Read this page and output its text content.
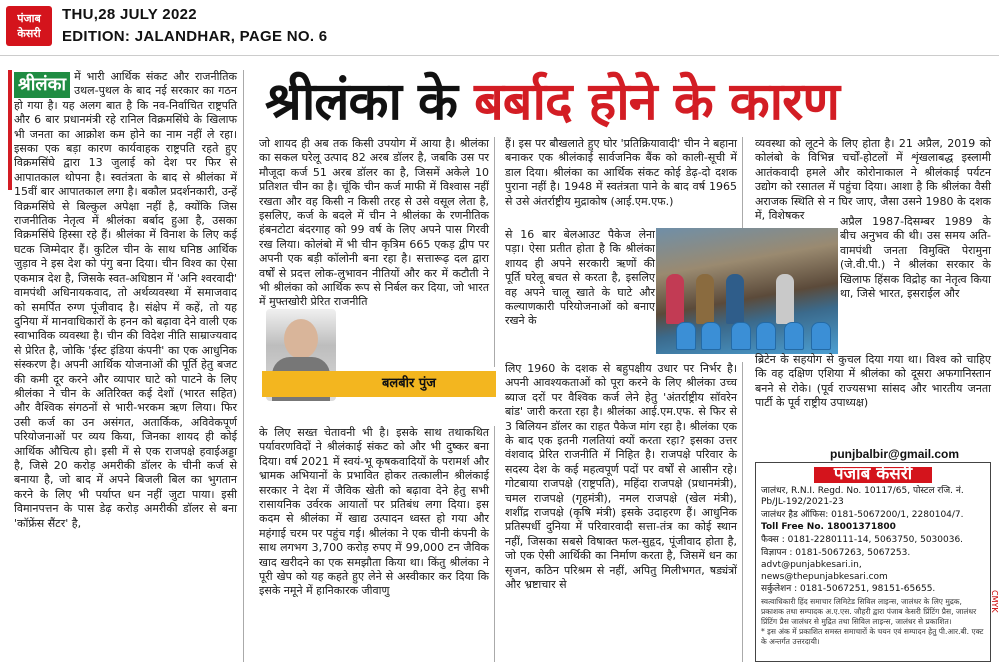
पंजाब केसरी
THU,28 JULY 2022
EDITION: JALANDHAR, PAGE NO. 6
श्रीलंका के बर्बाद होने के कारण
श्रीलंका में भारी आर्थिक संकट और राजनीतिक उथल-पुथल के बाद नई सरकार का गठन हो गया है। यह अलग बात है कि नव-निर्वाचित राष्ट्रपति और 6 बार प्रधानमंत्री रहे रानिल विक्रमसिंघे के खिलाफ भी जनता का आक्रोश कम होने का नाम नहीं ले रहा। इसका एक बड़ा कारण कार्यवाहक राष्ट्रपति रहते हुए विक्रमसिंघे द्वारा 13 जुलाई को देश पर फिर से आपातकाल थोपना है। स्वतंत्रता के बाद से श्रीलंका में 15वीं बार आपातकाल लगा है। बकौल प्रदर्शनकारी, उन्हें विक्रमसिंघे से बिल्कुल अपेक्षा नहीं है, क्योंकि जिस राजनीतिक नेतृत्व में श्रीलंका बर्बाद हुआ है, उसका विक्रमसिंघे हिस्सा रहे हैं। श्रीलंका में विनाश के लिए कई घटक जिम्मेदार हैं। कुटिल चीन के साथ घनिष्ठ आर्थिक जुड़ाव ने इस देश को पंगु बना दिया। चीन विश्व का ऐसा एकमात्र देश है, जिसके स्वत-अधिष्ठान में 'अनि श्वरवादी' वामपंथी अधिनायकवाद, तो अर्थव्यवस्था में समाजवाद को समर्पित रुग्ण पूंजीवाद है। संक्षेप में कहें, तो यह दुनिया में मानवाधिकारों के हनन को बढ़ावा देने वाली एक स्वाभाविक व्यवस्था है। चीन की विदेश नीति साम्राज्यवाद से प्रेरित है, जोकि 'ईस्ट इंडिया कंपनी' का एक आधुनिक संस्करण है। अपनी आर्थिक योजनाओं की पूर्ति हेतु बजट की कमी दूर करने और व्यापार घाटे को पाटने के लिए श्रीलंका ने चीन के अतिरिक्त कई देशों (भारत सहित) और वैश्विक संगठनों से भारी-भरकम ऋण लिया। फिर उसी कर्ज का उन असंगत, अतार्किक, अविवेकपूर्ण परियोजनाओं पर व्यय किया, जिनका शायद ही कोई आर्थिक औचित्य हो। इसी में से एक राजपक्षे हवाईअड्डा है, जिसे 20 करोड़ अमरीकी डॉलर के चीनी कर्ज से बनाया है, जो बाद में अपने बिजली बिल का भुगतान करने के लिए भी पर्याप्त धन नहीं जुटा पाया। इसी विमानपत्तन के पास डेढ़ करोड़ अमरीकी डॉलर से बना 'कॉफ्रेंस सैंटर' है,
जो शायद ही अब तक किसी उपयोग में आया है। श्रीलंका का सकल घरेलू उत्पाद 82 अरब डॉलर है, जबकि उस पर मौजूदा कर्ज 51 अरब डॉलर का है, जिसमें अकेले 10 प्रतिशत चीन का है। चूंकि चीन कर्ज माफी में विश्वास नहीं रखता और वह किसी न किसी तरह से उसे वसूल लेता है, इसलिए, कर्ज के बदले में चीन ने श्रीलंका के रणनीतिक हंबनटोटा बंदरगाह को 99 वर्ष के लिए अपने पास गिरवी रख लिया। कोलंबो में भी चीन कृत्रिम 665 एकड़ द्वीप पर अपनी एक बड़ी कॉलोनी बना रहा है। सत्तारूढ़ दल द्वारा वर्षों से प्रदत्त लोक-लुभावन नीतियों और कर में कटौती ने भी श्रीलंका को आर्थिक रूप से निर्बल कर दिया, जो भारत में मुफ्तखोरी प्रेरित राजनीति
बलबीर पुंज
के लिए सख्त चेतावनी भी है। इसके साथ तथाकथित पर्यावरणविदों ने श्रीलंकाई संकट को और भी दुष्कर बना दिया। वर्ष 2021 में स्वयं-भू कृषकवादियों के परामर्श और भ्रामक अभियानों के प्रभावित होकर तत्कालीन श्रीलंकाई सरकार ने देश में जैविक खेती को बढ़ावा देने हेतु सभी रासायनिक उर्वरक आयातों पर प्रतिबंध लगा दिया। इस कदम से श्रीलंका में खाद्य उत्पादन ध्वस्त हो गया और महंगाई चरम पर पहुंच गई। श्रीलंका ने एक चीनी कंपनी के साथ लगभग 3,700 करोड़ रुपए में 99,000 टन जैविक खाद खरीदने का एक समझौता किया था। किंतु श्रीलंका ने पूरी खेप को यह कहते हुए लेने से अस्वीकार कर दिया कि इसके नमूने में हानिकारक जीवाणु
हैं। इस पर बौखलाते हुए घोर 'प्रतिक्रियावादी' चीन ने बहाना बनाकर एक श्रीलंकाई सार्वजनिक बैंक को काली-सूची में डाल दिया। श्रीलंका का आर्थिक संकट कोई डेढ़-दो दशक पुराना नहीं है। 1948 में स्वतंत्रता पाने के बाद वर्ष 1965 से उसे अंतर्राष्ट्रीय मुद्राकोष (आई.एम.एफ.)
से 16 बार बेलआउट पैकेज लेना पड़ा। ऐसा प्रतीत होता है कि श्रीलंका शायद ही अपने सरकारी ऋणों की पूर्ति घरेलू बचत से करता है, इसलिए वह अपने चालू खाते के घाटे और कल्याणकारी परियोजनाओं को बनाए रखने के
लिए 1960 के दशक से बहुपक्षीय उधार पर निर्भर है। अपनी आवश्यकताओं को पूरा करने के लिए श्रीलंका उच्च ब्याज दरों पर वैश्विक कर्ज लेने हेतु 'अंतर्राष्ट्रीय सॉवरेन बांड' जारी करता रहा है। श्रीलंका आई.एम.एफ. से फिर से 3 बिलियन डॉलर का राहत पैकेज मांग रहा है। श्रीलंका एक के बाद एक इतनी गलतियां क्यों करता रहा? इसका उत्तर वंशवाद प्रेरित राजनीति में निहित है। राजपक्षे परिवार के सदस्य देश के कई महत्वपूर्ण पदों पर वर्षों से आसीन रहे। गोटबाया राजपक्षे (राष्ट्रपति), महिंदा राजपक्षे (प्रधानमंत्री), चमल राजपक्षे (गृहमंत्री), नमल राजपक्षे (खेल मंत्री), शशींद्र राजपक्षे (कृषि मंत्री) इसके उदाहरण हैं। आधुनिक प्रतिस्पर्धी दुनिया में परिवारवादी सत्ता-तंत्र का कोई स्थान नहीं, जिसका सबसे विषाक्त फल-सुहृद, पूंजीवाद होता है, जो एक ऐसी आर्थिकी का निर्माण करता है, जिसमें धन का सृजन, कठिन परिश्रम से नहीं, अपितु मिलीभगत, षड्यंत्रों और भ्रष्टाचार से
व्यवस्था को लूटने के लिए होता है। 21 अप्रैल, 2019 को कोलंबो के विभिन्न चर्चों-होटलों में शृंखलाबद्ध इस्लामी आतंकवादी हमले और कोरोनाकाल ने श्रीलंकाई पर्यटन उद्योग को रसातल में पहुंचा दिया। आशा है कि श्रीलंका वैसी अराजक स्थिति से न घिर जाए, जैसा उसने 1980 के दशक में, विशेषकर	अप्रैल 1987-दिसम्बर 1989 के बीच अनुभव की थी। उस समय अति-वामपंथी जनता विमुक्ति पेरामुना (जे.वी.पी.) ने श्रीलंका सरकार के खिलाफ हिंसक विद्रोह का नेतृत्व किया था, जिसे भारत, इसराईल और
ब्रिटेन के सहयोग से कुचल दिया गया था। विश्व को चाहिए कि वह दक्षिण एशिया में श्रीलंका को दूसरा अफगानिस्तान बनने से रोके। (पूर्व राज्यसभा सांसद और भारतीय जनता पार्टी के पूर्व राष्ट्रीय उपाध्यक्ष)
punjbalbir@gmail.com
पंजाब केसरी

जालंधर, R.N.I. Regd. No. 10117/65, पोस्टल रजि. नं. Pb/JL-192/2021-23

जालंधर हैड ऑफिस: 0181-5067200/1, 2280104/7.

Toll Free No. 18001371800

फैक्स : 0181-2280111-14, 5063750, 5030036.

विज्ञापन : 0181-5067263, 5067253.

advt@punjabkesari.in, news@thepunjabkesari.com

सर्कुलेशन : 0181-5067251, 98151-65655.

स्वत्वाधिकारी हिंद समाचार लिमिटेड सिविल लाइन्स, जालंधर के लिए मुद्रक, प्रकाशक तथा सम्पादक अ.ए.एस. जौहरी द्वारा पंजाब केसरी प्रिंटिंग प्रैस, जालंधर प्रिंटिंग प्रैस जालंधर से मुद्रित तथा सिविल लाइन्स, जालंधर से प्रकाशित।

* इस अंक में प्रकाशित समस्त समाचारों के चयन एवं सम्पादन हेतु पी.आर.बी. एक्ट के अन्तर्गत उत्तरदायी।

CMYK
